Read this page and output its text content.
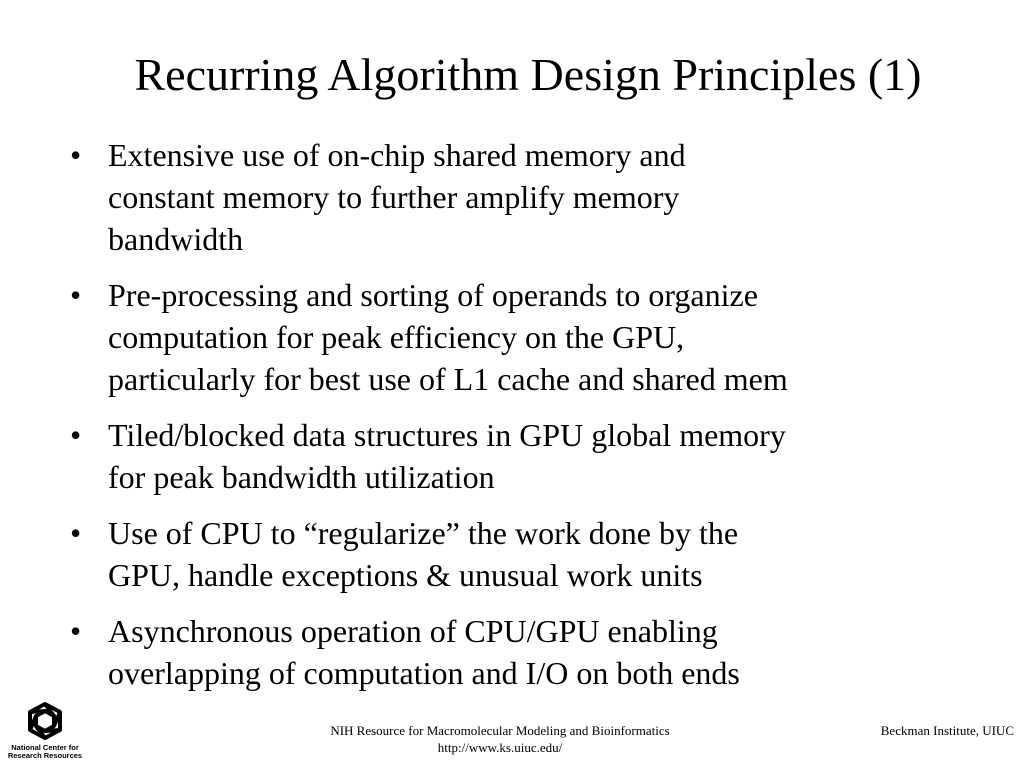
Recurring Algorithm Design Principles (1)
• Extensive use of on-chip shared memory and
constant memory to further amplify memory
bandwidth
• Pre-processing and sorting of operands to organize
computation for peak efficiency on the GPU,
particularly for best use of L1 cache and shared mem
• Tiled/blocked data structures in GPU global memory
for peak bandwidth utilization
• Use of CPU to “regularize” the work done by the
GPU, handle exceptions & unusual work units
• Asynchronous operation of CPU/GPU enabling
overlapping of computation and I/O on both ends
National Center for
Research Resources
NIH Resource for Macromolecular Modeling and Bioinformatics
http://www.ks.uiuc.edu/
Beckman Institute, UIUC
